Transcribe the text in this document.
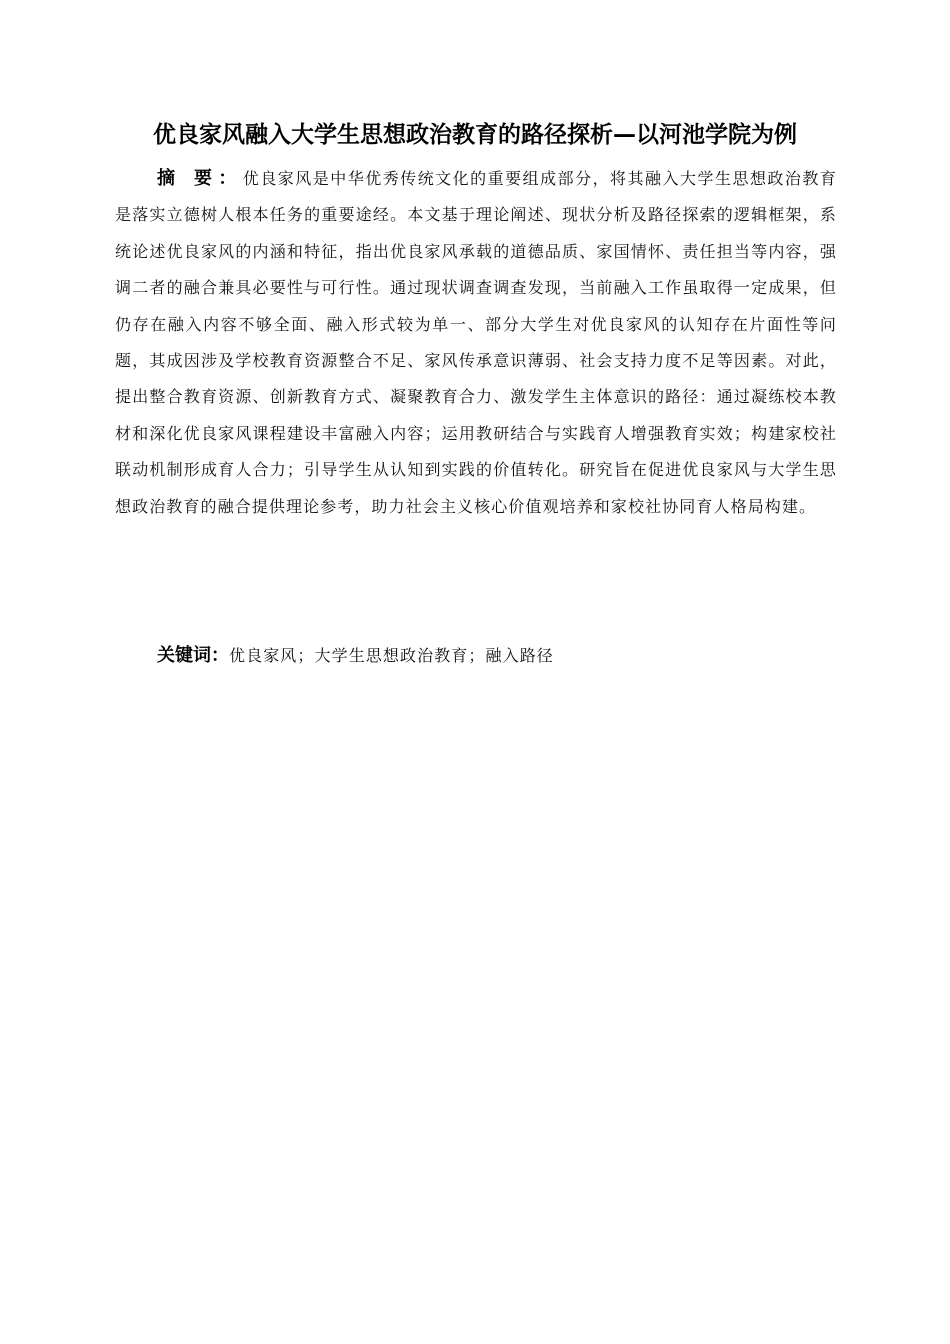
优良家风融入大学生思想政治教育的路径探析—以河池学院为例

摘 要：优良家风是中华优秀传统文化的重要组成部分，将其融入大学生思想政治教育是落实立德树人根本任务的重要途经。本文基于理论阐述、现状分析及路径探索的逻辑框架，系统论述优良家风的内涵和特征，指出优良家风承载的道德品质、家国情怀、责任担当等内容，强调二者的融合兼具必要性与可行性。通过现状调查调查发现，当前融入工作虽取得一定成果，但仍存在融入内容不够全面、融入形式较为单一、部分大学生对优良家风的认知存在片面性等问题，其成因涉及学校教育资源整合不足、家风传承意识薄弱、社会支持力度不足等因素。对此，提出整合教育资源、创新教育方式、凝聚教育合力、激发学生主体意识的路径：通过凝练校本教材和深化优良家风课程建设丰富融入内容；运用教研结合与实践育人增强教育实效；构建家校社联动机制形成育人合力；引导学生从认知到实践的价值转化。研究旨在促进优良家风与大学生思想政治教育的融合提供理论参考，助力社会主义核心价值观培养和家校社协同育人格局构建。

关键词：优良家风；大学生思想政治教育；融入路径
